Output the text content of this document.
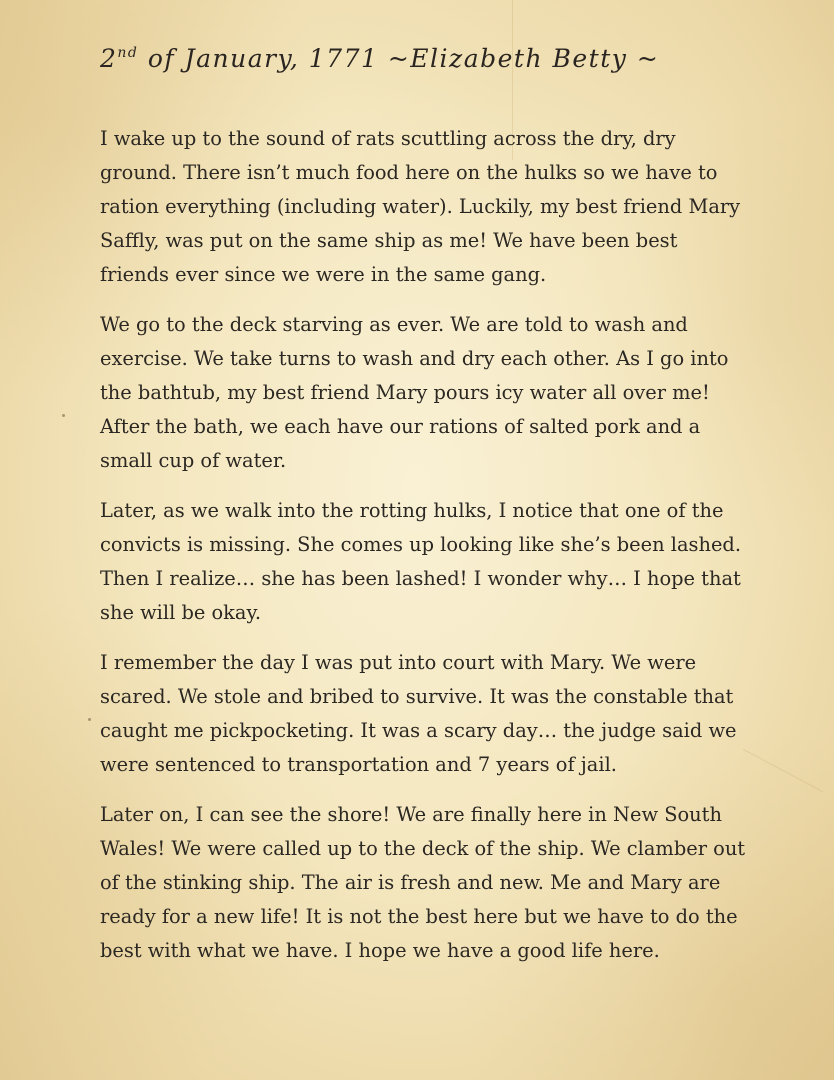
2nd of January, 1771 ~Elizabeth Betty ~

I wake up to the sound of rats scuttling across the dry, dry ground. There isn’t much food here on the hulks so we have to ration everything (including water). Luckily, my best friend Mary Saffly, was put on the same ship as me! We have been best friends ever since we were in the same gang.

We go to the deck starving as ever. We are told to wash and exercise. We take turns to wash and dry each other. As I go into the bathtub, my best friend Mary pours icy water all over me! After the bath, we each have our rations of salted pork and a small cup of water.

Later, as we walk into the rotting hulks, I notice that one of the convicts is missing. She comes up looking like she’s been lashed. Then I realize… she has been lashed! I wonder why… I hope that she will be okay.

I remember the day I was put into court with Mary. We were scared. We stole and bribed to survive. It was the constable that caught me pickpocketing. It was a scary day… the judge said we were sentenced to transportation and 7 years of jail.

Later on, I can see the shore! We are finally here in New South Wales! We were called up to the deck of the ship. We clamber out of the stinking ship. The air is fresh and new. Me and Mary are ready for a new life! It is not the best here but we have to do the best with what we have. I hope we have a good life here.
